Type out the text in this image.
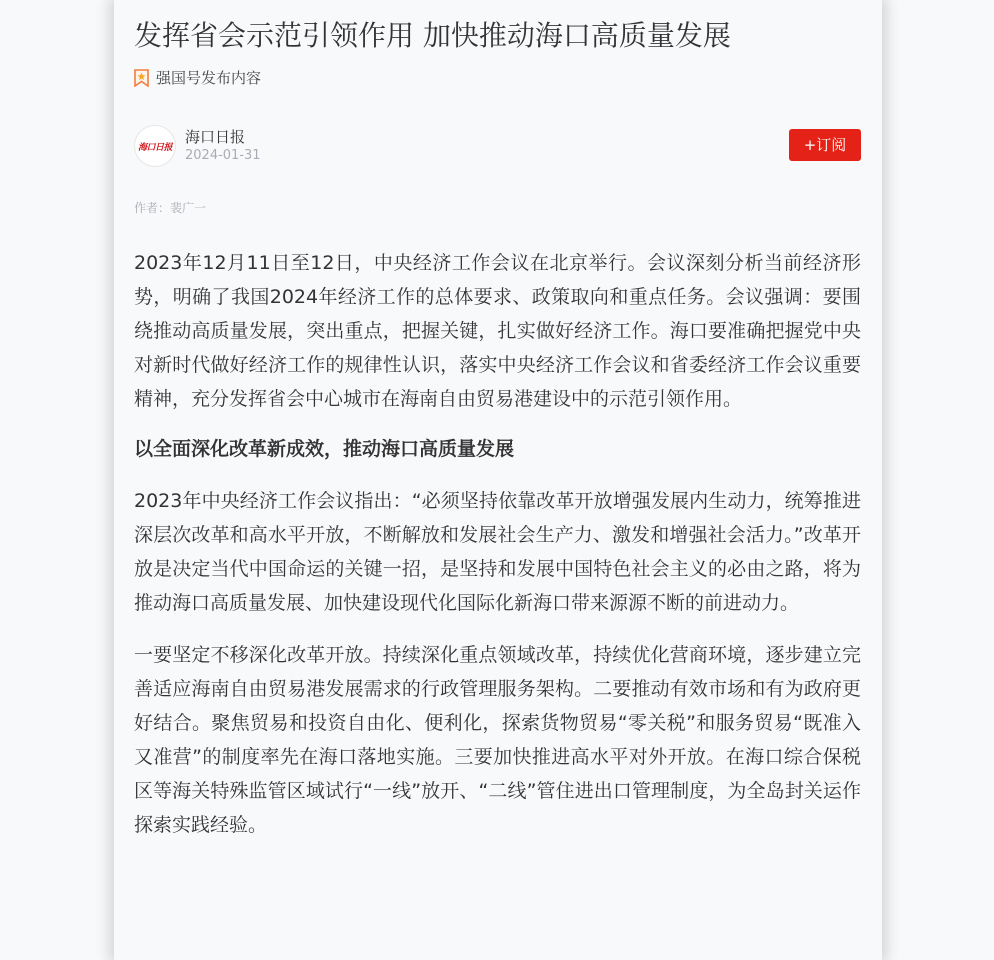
发挥省会示范引领作用 加快推动海口高质量发展
强国号发布内容
海口日报
海口日报
2024-01-31
+订阅
作者：裴广一

2023年12月11日至12日，中央经济工作会议在北京举行。会议深刻分析当前经济形势，明确了我国2024年经济工作的总体要求、政策取向和重点任务。会议强调：要围绕推动高质量发展，突出重点，把握关键，扎实做好经济工作。海口要准确把握党中央对新时代做好经济工作的规律性认识，落实中央经济工作会议和省委经济工作会议重要精神，充分发挥省会中心城市在海南自由贸易港建设中的示范引领作用。

以全面深化改革新成效，推动海口高质量发展

2023年中央经济工作会议指出：“必须坚持依靠改革开放增强发展内生动力，统筹推进深层次改革和高水平开放，不断解放和发展社会生产力、激发和增强社会活力。”改革开放是决定当代中国命运的关键一招，是坚持和发展中国特色社会主义的必由之路，将为推动海口高质量发展、加快建设现代化国际化新海口带来源源不断的前进动力。

一要坚定不移深化改革开放。持续深化重点领域改革，持续优化营商环境，逐步建立完善适应海南自由贸易港发展需求的行政管理服务架构。二要推动有效市场和有为政府更好结合。聚焦贸易和投资自由化、便利化，探索货物贸易“零关税”和服务贸易“既准入又准营”的制度率先在海口落地实施。三要加快推进高水平对外开放。在海口综合保税区等海关特殊监管区域试行“一线”放开、“二线”管住进出口管理制度，为全岛封关运作探索实践经验。
